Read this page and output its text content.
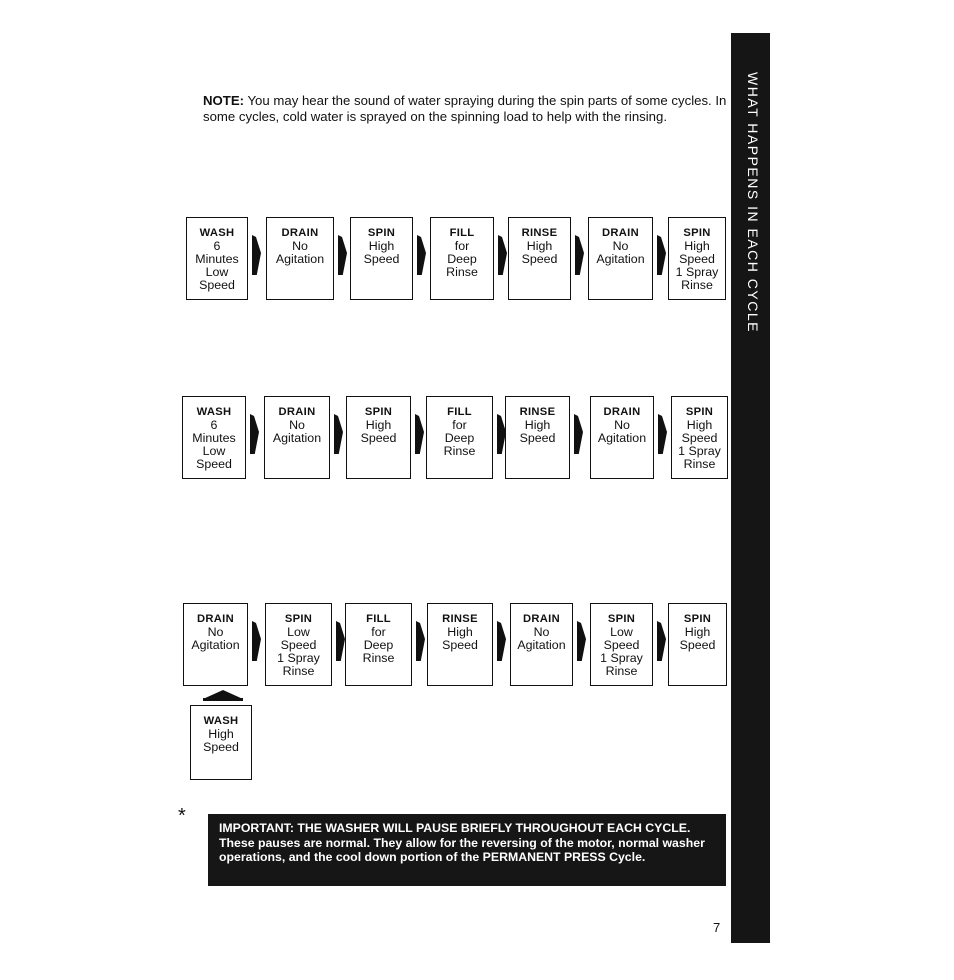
WHAT HAPPENS IN EACH CYCLE
NOTE: You may hear the sound of water spraying during the spin parts of some cycles. In some cycles, cold water is sprayed on the spinning load to help with the rinsing.
WASH
6
Minutes
Low
Speed
DRAIN
No
Agitation
SPIN
High
Speed
FILL
for
Deep
Rinse
RINSE
High
Speed
DRAIN
No
Agitation
SPIN
High
Speed
1 Spray
Rinse
WASH
6
Minutes
Low
Speed
DRAIN
No
Agitation
SPIN
High
Speed
FILL
for
Deep
Rinse
RINSE
High
Speed
DRAIN
No
Agitation
SPIN
High
Speed
1 Spray
Rinse
DRAIN
No
Agitation
SPIN
Low
Speed
1 Spray
Rinse
FILL
for
Deep
Rinse
RINSE
High
Speed
DRAIN
No
Agitation
SPIN
Low
Speed
1 Spray
Rinse
SPIN
High
Speed
WASH
High
Speed
*
IMPORTANT: THE WASHER WILL PAUSE BRIEFLY THROUGHOUT EACH CYCLE. These pauses are normal. They allow for the reversing of the motor, normal washer operations, and the cool down portion of the PERMANENT PRESS Cycle.
7
